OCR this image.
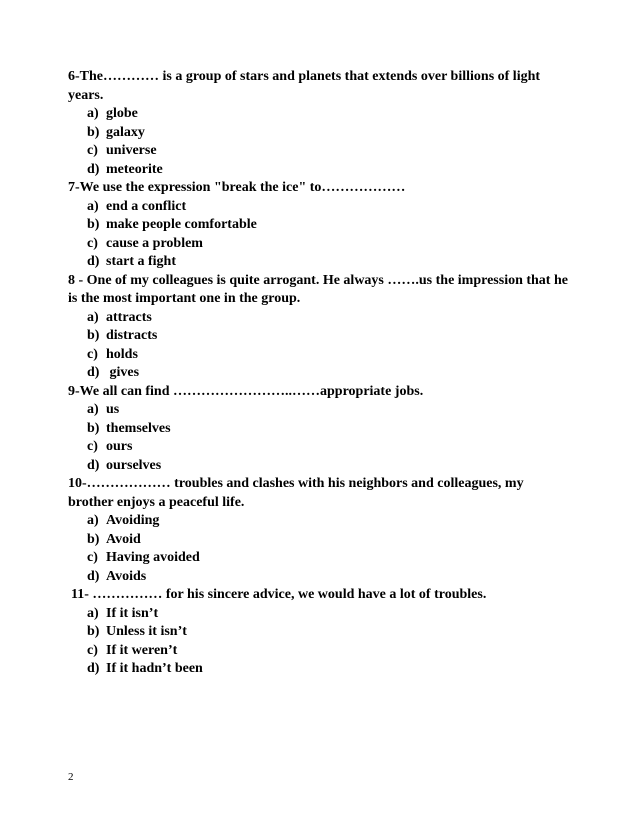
6-The………… is a group of stars and planets that extends over billions of light years.

a) globe
b) galaxy
c) universe
d) meteorite

7-We use the expression "break the ice" to………………

a) end a conflict
b) make people comfortable
c) cause a problem
d) start a fight

8 - One of my colleagues is quite arrogant. He always …….us the impression that he is the most important one in the group.

a) attracts
b) distracts
c) holds
d) gives

9-We all can find ……………………..……appropriate jobs.

a) us
b) themselves
c) ours
d) ourselves

10-……………… troubles and clashes with his neighbors and colleagues, my brother enjoys a peaceful life.

a) Avoiding
b) Avoid
c) Having avoided
d) Avoids

11- …………… for his sincere advice, we would have a lot of troubles.

a) If it isn’t
b) Unless it isn’t
c) If it weren’t
d) If it hadn’t been
2
